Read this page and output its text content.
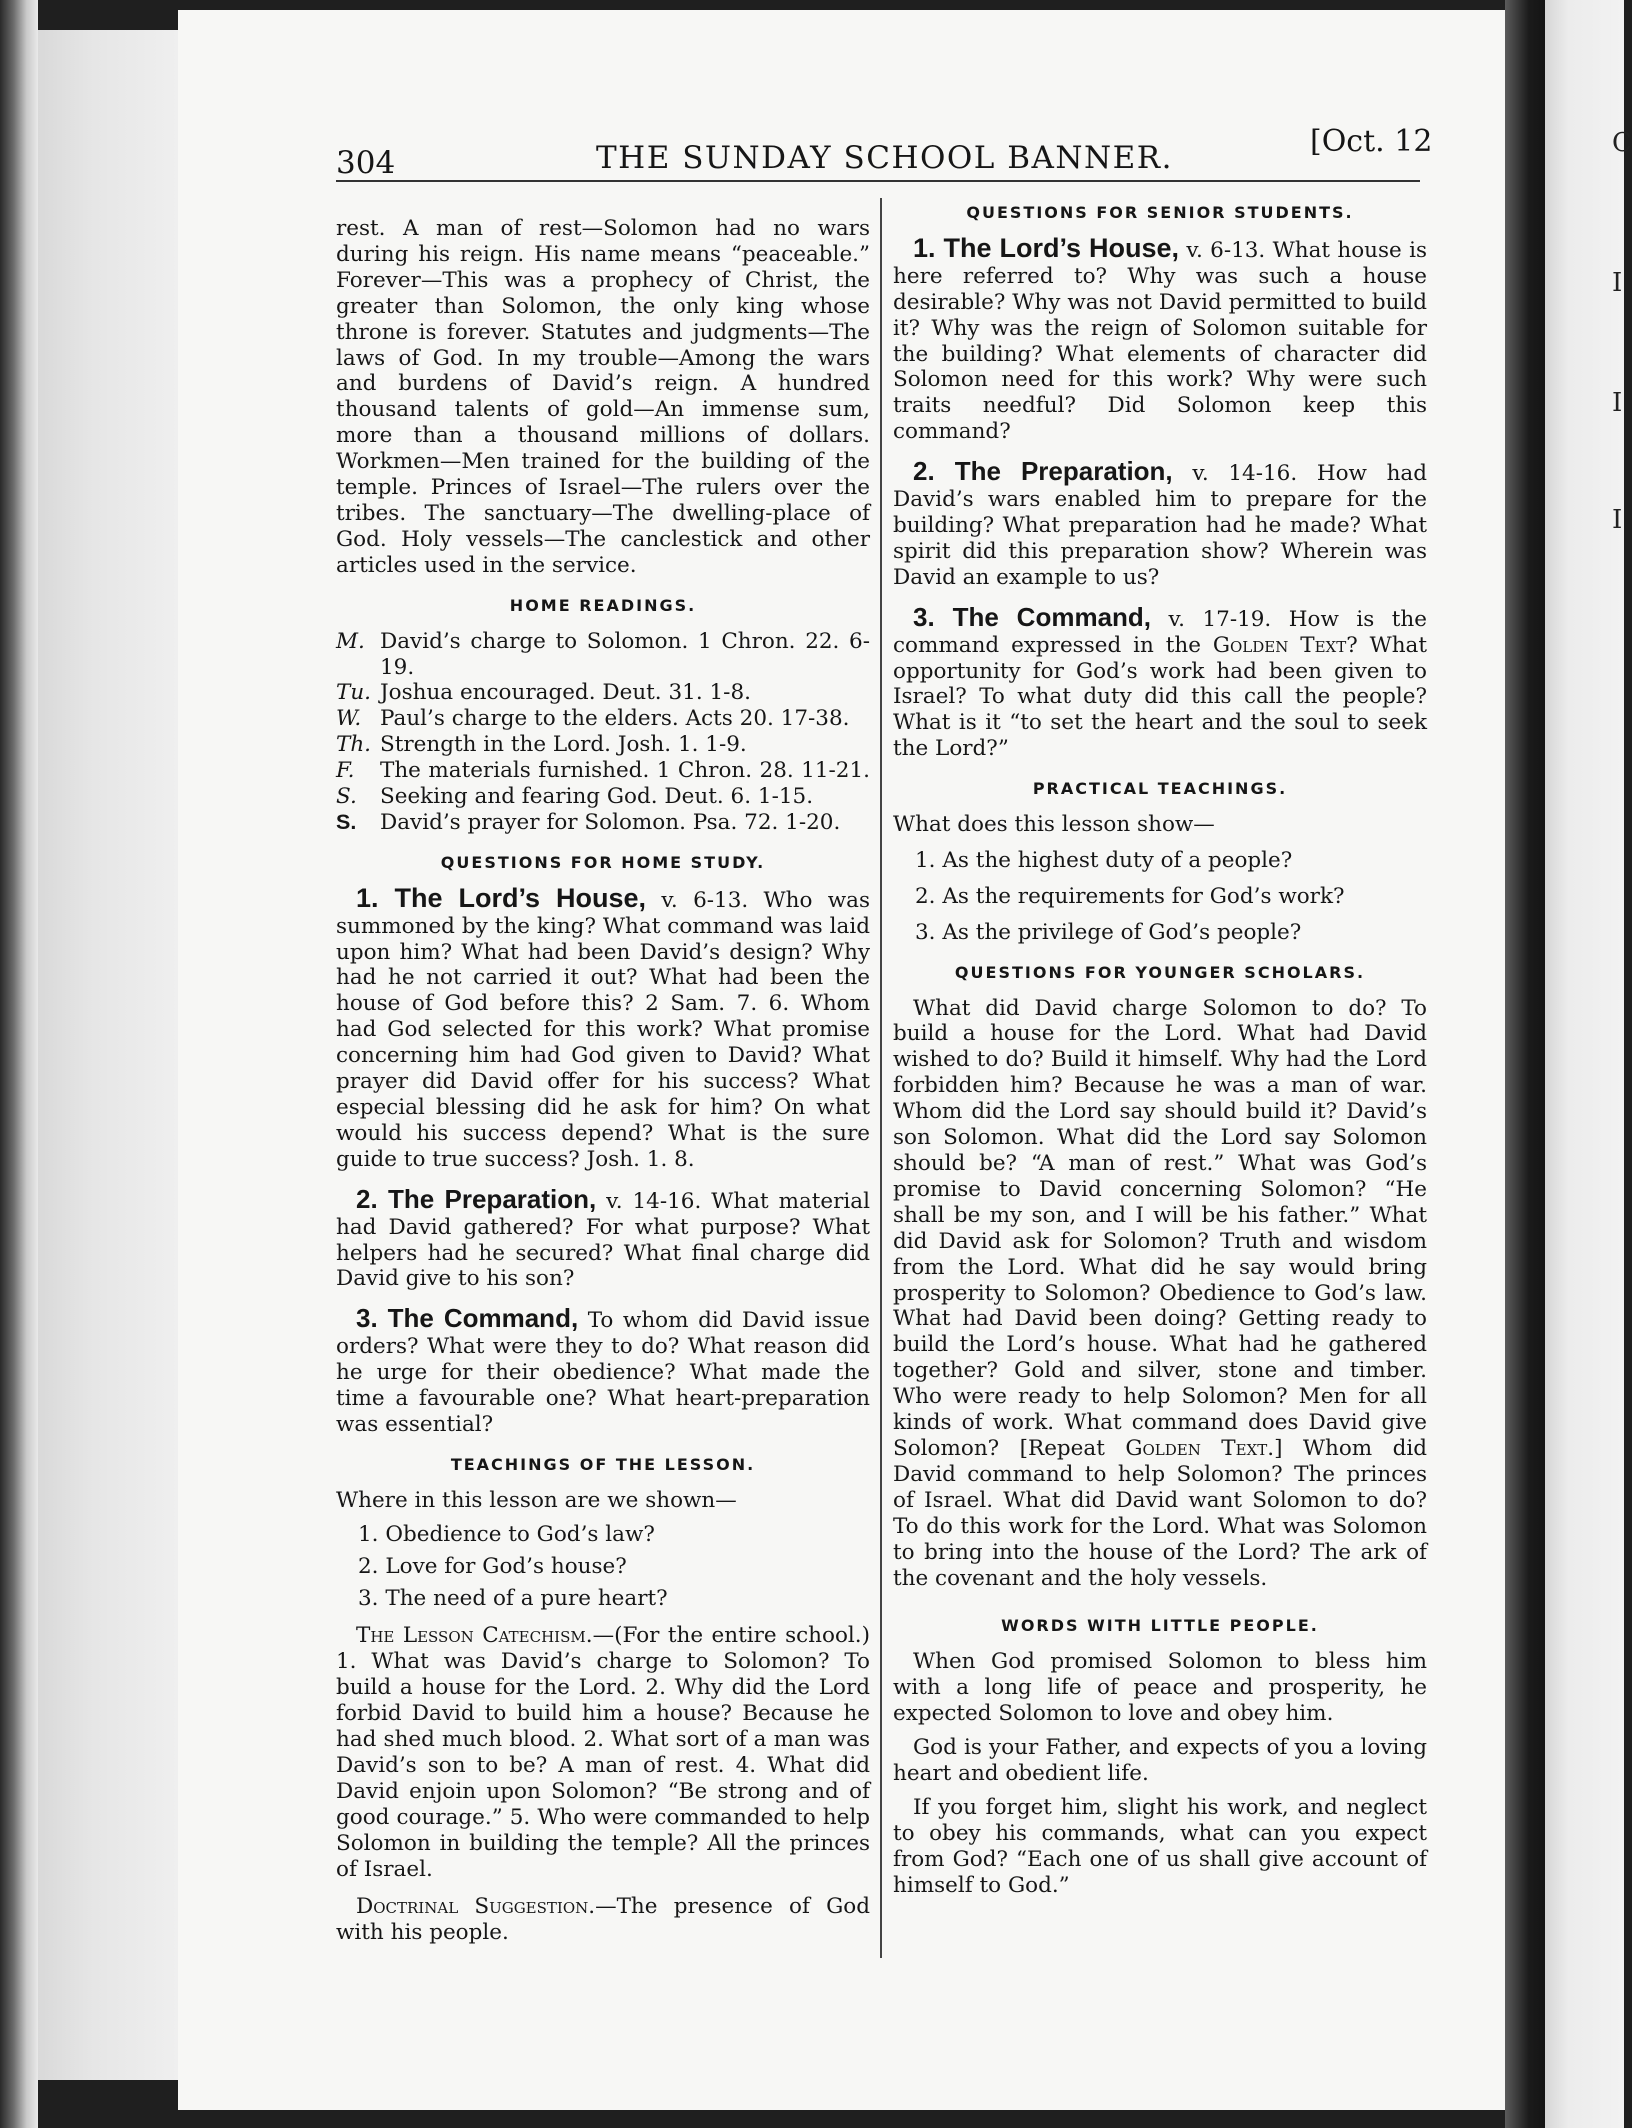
C
I
I
I
304	THE SUNDAY SCHOOL BANNER.	[Oct. 12

rest. A man of rest—Solomon had no wars during his reign. His name means “peaceable.” Forever—This was a prophecy of Christ, the greater than Solomon, the only king whose throne is forever. Statutes and judgments—The laws of God. In my trouble—Among the wars and burdens of David’s reign. A hundred thousand talents of gold—An immense sum, more than a thousand millions of dollars. Workmen—Men trained for the building of the temple. Princes of Israel—The rulers over the tribes. The sanctuary—The dwelling-place of God. Holy vessels—The canclestick and other articles used in the service.

HOME READINGS.
M.	David’s charge to Solomon. 1 Chron. 22. 6-19.
Tu.	Joshua encouraged. Deut. 31. 1-8.
W.	Paul’s charge to the elders. Acts 20. 17-38.
Th.	Strength in the Lord. Josh. 1. 1-9.
F.	The materials furnished. 1 Chron. 28. 11-21.
S.	Seeking and fearing God. Deut. 6. 1-15.
S.	David’s prayer for Solomon. Psa. 72. 1-20.
QUESTIONS FOR HOME STUDY.

1. The Lord’s House, v. 6-13. Who was summoned by the king? What command was laid upon him? What had been David’s design? Why had he not carried it out? What had been the house of God before this? 2 Sam. 7. 6. Whom had God selected for this work? What promise concerning him had God given to David? What prayer did David offer for his success? What especial blessing did he ask for him? On what would his success depend? What is the sure guide to true success? Josh. 1. 8.

2. The Preparation, v. 14-16. What material had David gathered? For what purpose? What helpers had he secured? What final charge did David give to his son?

3. The Command, To whom did David issue orders? What were they to do? What reason did he urge for their obedience? What made the time a favourable one? What heart-preparation was essential?

TEACHINGS OF THE LESSON.

Where in this lesson are we shown—

1. Obedience to God’s law?
2. Love for God’s house?
3. The need of a pure heart?

The Lesson Catechism.—(For the entire school.) 1. What was David’s charge to Solomon? To build a house for the Lord. 2. Why did the Lord forbid David to build him a house? Because he had shed much blood. 2. What sort of a man was David’s son to be? A man of rest. 4. What did David enjoin upon Solomon? “Be strong and of good courage.” 5. Who were commanded to help Solomon in building the temple? All the princes of Israel.

Doctrinal Suggestion.—The presence of God with his people.

QUESTIONS FOR SENIOR STUDENTS.

1. The Lord’s House, v. 6-13. What house is here referred to? Why was such a house desirable? Why was not David permitted to build it? Why was the reign of Solomon suitable for the building? What elements of character did Solomon need for this work? Why were such traits needful? Did Solomon keep this command?

2. The Preparation, v. 14-16. How had David’s wars enabled him to prepare for the building? What preparation had he made? What spirit did this preparation show? Wherein was David an example to us?

3. The Command, v. 17-19. How is the command expressed in the Golden Text? What opportunity for God’s work had been given to Israel? To what duty did this call the people? What is it “to set the heart and the soul to seek the Lord?”

PRACTICAL TEACHINGS.

What does this lesson show—

1. As the highest duty of a people?
2. As the requirements for God’s work?
3. As the privilege of God’s people?
QUESTIONS FOR YOUNGER SCHOLARS.

What did David charge Solomon to do? To build a house for the Lord. What had David wished to do? Build it himself. Why had the Lord forbidden him? Because he was a man of war. Whom did the Lord say should build it? David’s son Solomon. What did the Lord say Solomon should be? “A man of rest.” What was God’s promise to David concerning Solomon? “He shall be my son, and I will be his father.” What did David ask for Solomon? Truth and wisdom from the Lord. What did he say would bring prosperity to Solomon? Obedience to God’s law. What had David been doing? Getting ready to build the Lord’s house. What had he gathered together? Gold and silver, stone and timber. Who were ready to help Solomon? Men for all kinds of work. What command does David give Solomon? [Repeat Golden Text.] Whom did David command to help Solomon? The princes of Israel. What did David want Solomon to do? To do this work for the Lord. What was Solomon to bring into the house of the Lord? The ark of the covenant and the holy vessels.

WORDS WITH LITTLE PEOPLE.

When God promised Solomon to bless him with a long life of peace and prosperity, he expected Solomon to love and obey him.

God is your Father, and expects of you a loving heart and obedient life.

If you forget him, slight his work, and neglect to obey his commands, what can you expect from God? “Each one of us shall give account of himself to God.”
